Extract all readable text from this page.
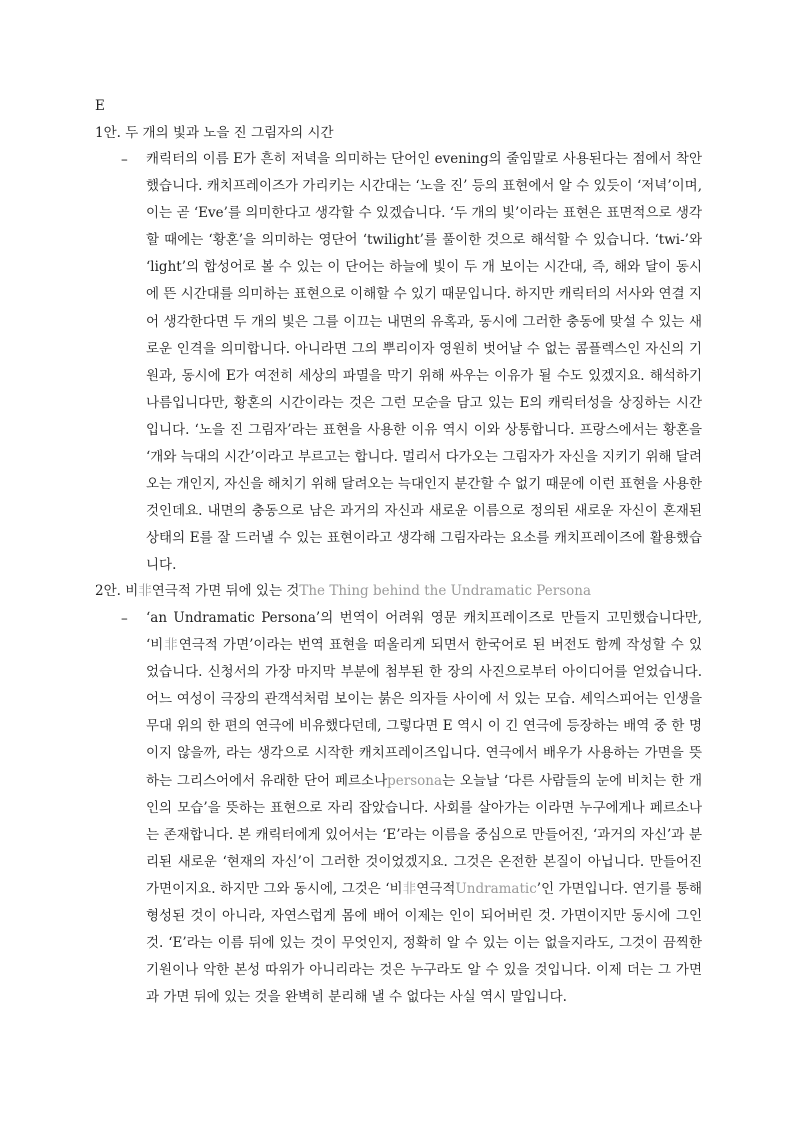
E
1안. 두 개의 빛과 노을 진 그림자의 시간
– 캐릭터의 이름 E가 흔히 저녁을 의미하는 단어인 evening의 줄임말로 사용된다는 점에서 착안했습니다. 캐치프레이즈가 가리키는 시간대는 ‘노을 진’ 등의 표현에서 알 수 있듯이 ‘저녁’이며, 이는 곧 ‘Eve’를 의미한다고 생각할 수 있겠습니다. ‘두 개의 빛’이라는 표현은 표면적으로 생각할 때에는 ‘황혼’을 의미하는 영단어 ‘twilight’를 풀이한 것으로 해석할 수 있습니다. ‘twi-’와 ‘light’의 합성어로 볼 수 있는 이 단어는 하늘에 빛이 두 개 보이는 시간대, 즉, 해와 달이 동시에 뜬 시간대를 의미하는 표현으로 이해할 수 있기 때문입니다. 하지만 캐릭터의 서사와 연결 지어 생각한다면 두 개의 빛은 그를 이끄는 내면의 유혹과, 동시에 그러한 충동에 맞설 수 있는 새로운 인격을 의미합니다. 아니라면 그의 뿌리이자 영원히 벗어날 수 없는 콤플렉스인 자신의 기원과, 동시에 E가 여전히 세상의 파멸을 막기 위해 싸우는 이유가 될 수도 있겠지요. 해석하기 나름입니다만, 황혼의 시간이라는 것은 그런 모순을 담고 있는 E의 캐릭터성을 상징하는 시간입니다. ‘노을 진 그림자’라는 표현을 사용한 이유 역시 이와 상통합니다. 프랑스에서는 황혼을 ‘개와 늑대의 시간’이라고 부르고는 합니다. 멀리서 다가오는 그림자가 자신을 지키기 위해 달려오는 개인지, 자신을 해치기 위해 달려오는 늑대인지 분간할 수 없기 때문에 이런 표현을 사용한 것인데요. 내면의 충동으로 남은 과거의 자신과 새로운 이름으로 정의된 새로운 자신이 혼재된 상태의 E를 잘 드러낼 수 있는 표현이라고 생각해 그림자라는 요소를 캐치프레이즈에 활용했습니다.

2안. 비非연극적 가면 뒤에 있는 것The Thing behind the Undramatic Persona
– ‘an Undramatic Persona’의 번역이 어려워 영문 캐치프레이즈로 만들지 고민했습니다만, ‘비非연극적 가면’이라는 번역 표현을 떠올리게 되면서 한국어로 된 버전도 함께 작성할 수 있었습니다. 신청서의 가장 마지막 부분에 첨부된 한 장의 사진으로부터 아이디어를 얻었습니다. 어느 여성이 극장의 관객석처럼 보이는 붉은 의자들 사이에 서 있는 모습. 셰익스피어는 인생을 무대 위의 한 편의 연극에 비유했다던데, 그렇다면 E 역시 이 긴 연극에 등장하는 배역 중 한 명이지 않을까, 라는 생각으로 시작한 캐치프레이즈입니다. 연극에서 배우가 사용하는 가면을 뜻하는 그리스어에서 유래한 단어 페르소나persona는 오늘날 ‘다른 사람들의 눈에 비치는 한 개인의 모습’을 뜻하는 표현으로 자리 잡았습니다. 사회를 살아가는 이라면 누구에게나 페르소나는 존재합니다. 본 캐릭터에게 있어서는 ‘E’라는 이름을 중심으로 만들어진, ‘과거의 자신’과 분리된 새로운 ‘현재의 자신’이 그러한 것이었겠지요. 그것은 온전한 본질이 아닙니다. 만들어진 가면이지요. 하지만 그와 동시에, 그것은 ‘비非연극적Undramatic’인 가면입니다. 연기를 통해 형성된 것이 아니라, 자연스럽게 몸에 배어 이제는 인이 되어버린 것. 가면이지만 동시에 그인 것. ‘E’라는 이름 뒤에 있는 것이 무엇인지, 정확히 알 수 있는 이는 없을지라도, 그것이 끔찍한 기원이나 악한 본성 따위가 아니리라는 것은 누구라도 알 수 있을 것입니다. 이제 더는 그 가면과 가면 뒤에 있는 것을 완벽히 분리해 낼 수 없다는 사실 역시 말입니다.
